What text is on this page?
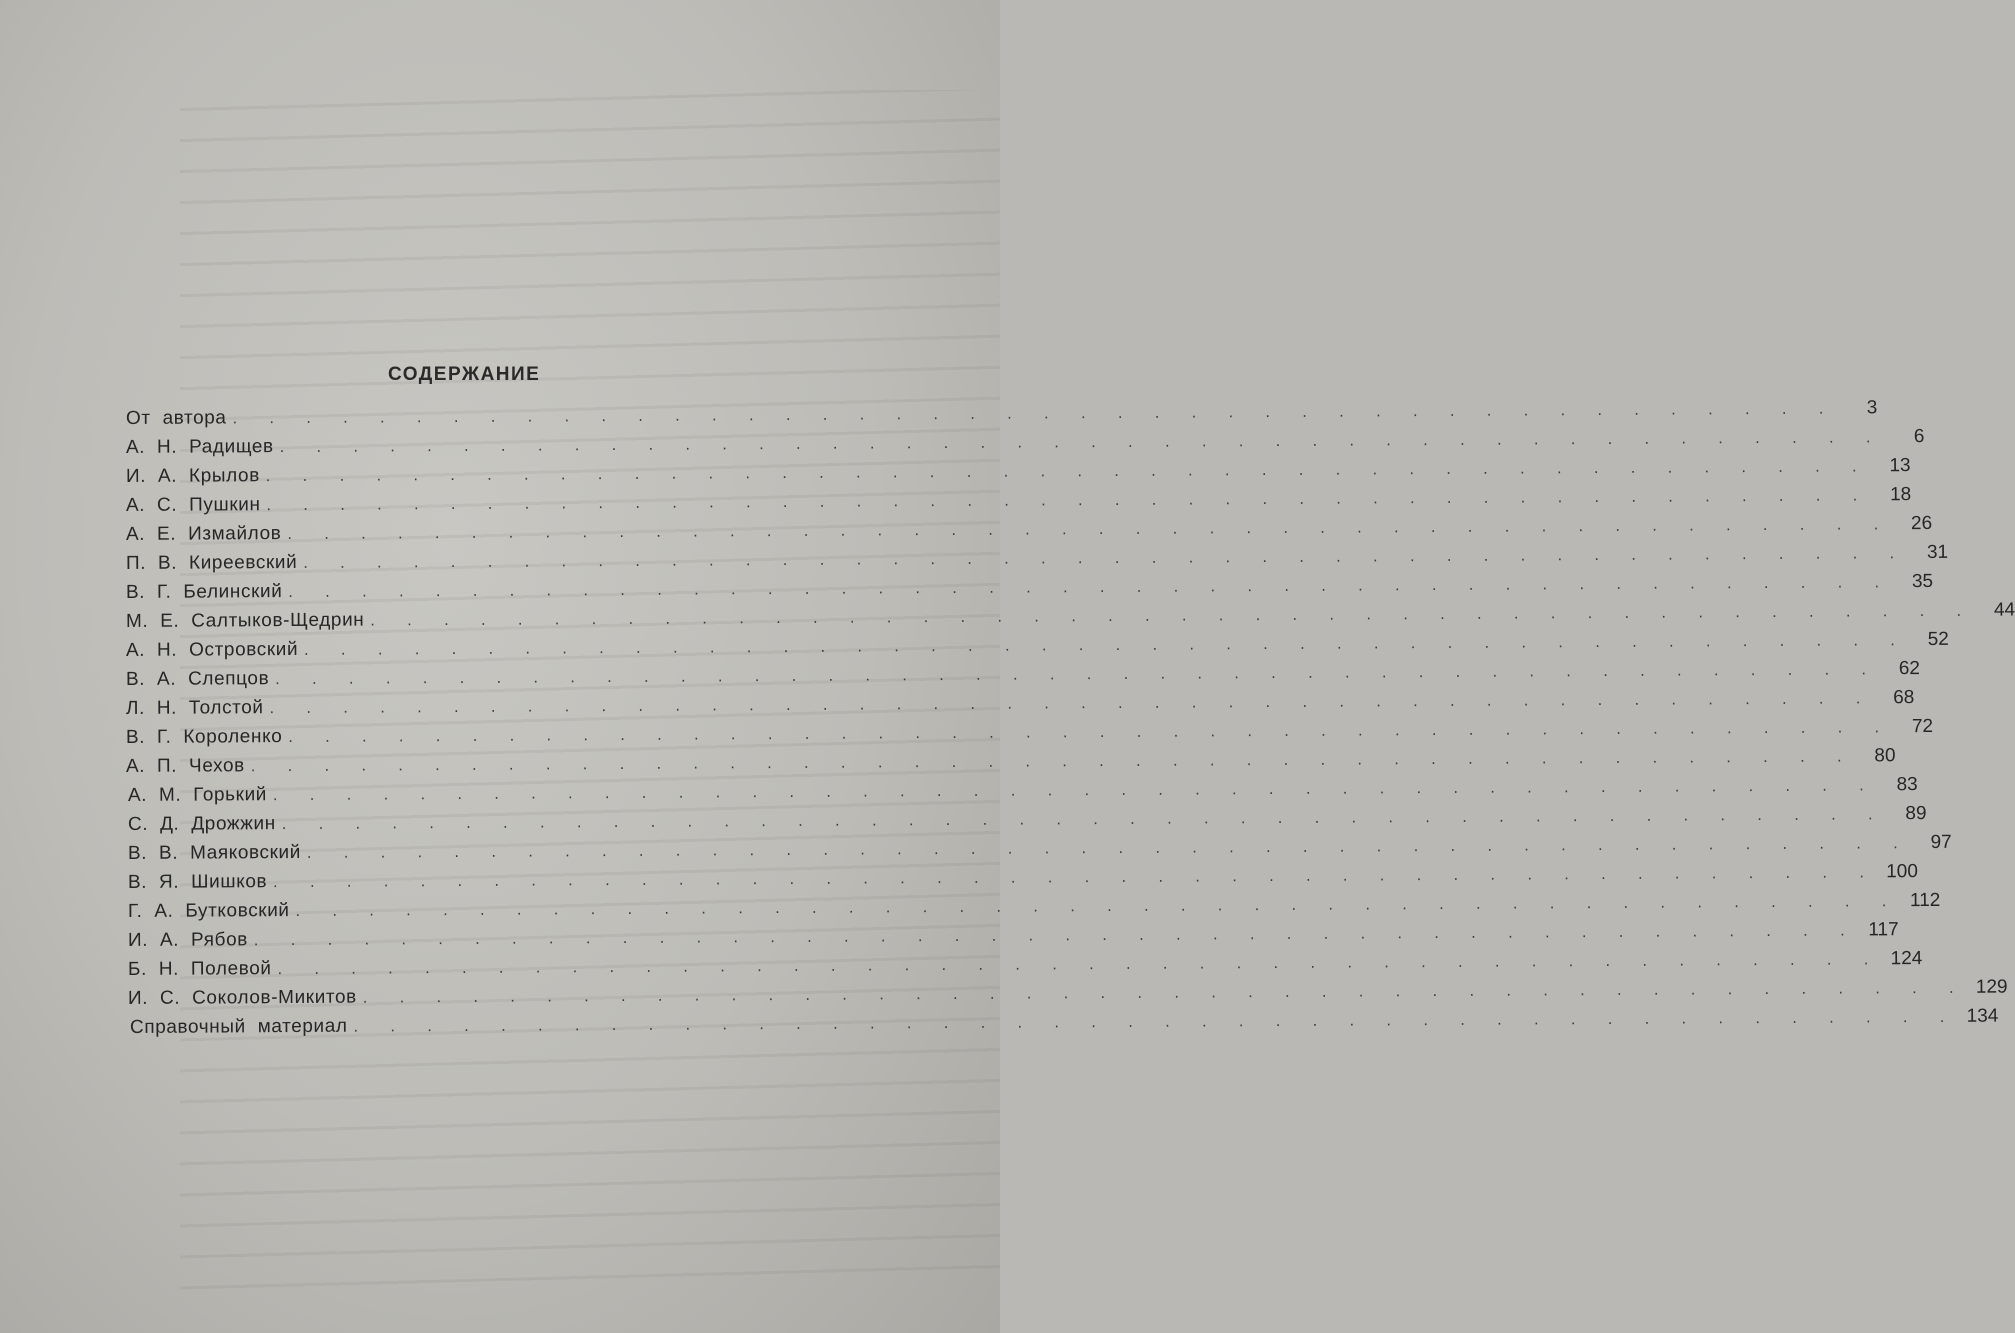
СОДЕРЖАНИЕ
От автора . . . . . . . . . . . . . . . . . . . . . . . . . . . . . . . . . . . . . . . . . . . .	3
А. Н. Радищев . . . . . . . . . . . . . . . . . . . . . . . . . . . . . . . . . . . . . . . . . . . .	6
И. А. Крылов . . . . . . . . . . . . . . . . . . . . . . . . . . . . . . . . . . . . . . . . . . . . 13
А. С. Пушкин . . . . . . . . . . . . . . . . . . . . . . . . . . . . . . . . . . . . . . . . . . . . 18
А. Е. Измайлов . . . . . . . . . . . . . . . . . . . . . . . . . . . . . . . . . . . . . . . . . . . . 26
П. В. Киреевский . . . . . . . . . . . . . . . . . . . . . . . . . . . . . . . . . . . . . . . . . . . . 31
В. Г. Белинский . . . . . . . . . . . . . . . . . . . . . . . . . . . . . . . . . . . . . . . . . . . . 35
М. Е. Салтыков-Щедрин . . . . . . . . . . . . . . . . . . . . . . . . . . . . . . . . . . . . . . . . . . . . 44
А. Н. Островский . . . . . . . . . . . . . . . . . . . . . . . . . . . . . . . . . . . . . . . . . . . . 52
В. А. Слепцов . . . . . . . . . . . . . . . . . . . . . . . . . . . . . . . . . . . . . . . . . . . . 62
Л. Н. Толстой . . . . . . . . . . . . . . . . . . . . . . . . . . . . . . . . . . . . . . . . . . . . 68
В. Г. Короленко . . . . . . . . . . . . . . . . . . . . . . . . . . . . . . . . . . . . . . . . . . . . 72
А. П. Чехов . . . . . . . . . . . . . . . . . . . . . . . . . . . . . . . . . . . . . . . . . . . . 80
А. М. Горький . . . . . . . . . . . . . . . . . . . . . . . . . . . . . . . . . . . . . . . . . . . . 83
С. Д. Дрожжин . . . . . . . . . . . . . . . . . . . . . . . . . . . . . . . . . . . . . . . . . . . . 89
В. В. Маяковский . . . . . . . . . . . . . . . . . . . . . . . . . . . . . . . . . . . . . . . . . . . . 97
В. Я. Шишков . . . . . . . . . . . . . . . . . . . . . . . . . . . . . . . . . . . . . . . . . . . . 100
Г. А. Бутковский . . . . . . . . . . . . . . . . . . . . . . . . . . . . . . . . . . . . . . . . . . . . 112
И. А. Рябов . . . . . . . . . . . . . . . . . . . . . . . . . . . . . . . . . . . . . . . . . . . . 117
Б. Н. Полевой . . . . . . . . . . . . . . . . . . . . . . . . . . . . . . . . . . . . . . . . . . . . 124
И. С. Соколов-Микитов . . . . . . . . . . . . . . . . . . . . . . . . . . . . . . . . . . . . . . . . . . . . 129
Справочный материал . . . . . . . . . . . . . . . . . . . . . . . . . . . . . . . . . . . . . . . . . . . . 134
